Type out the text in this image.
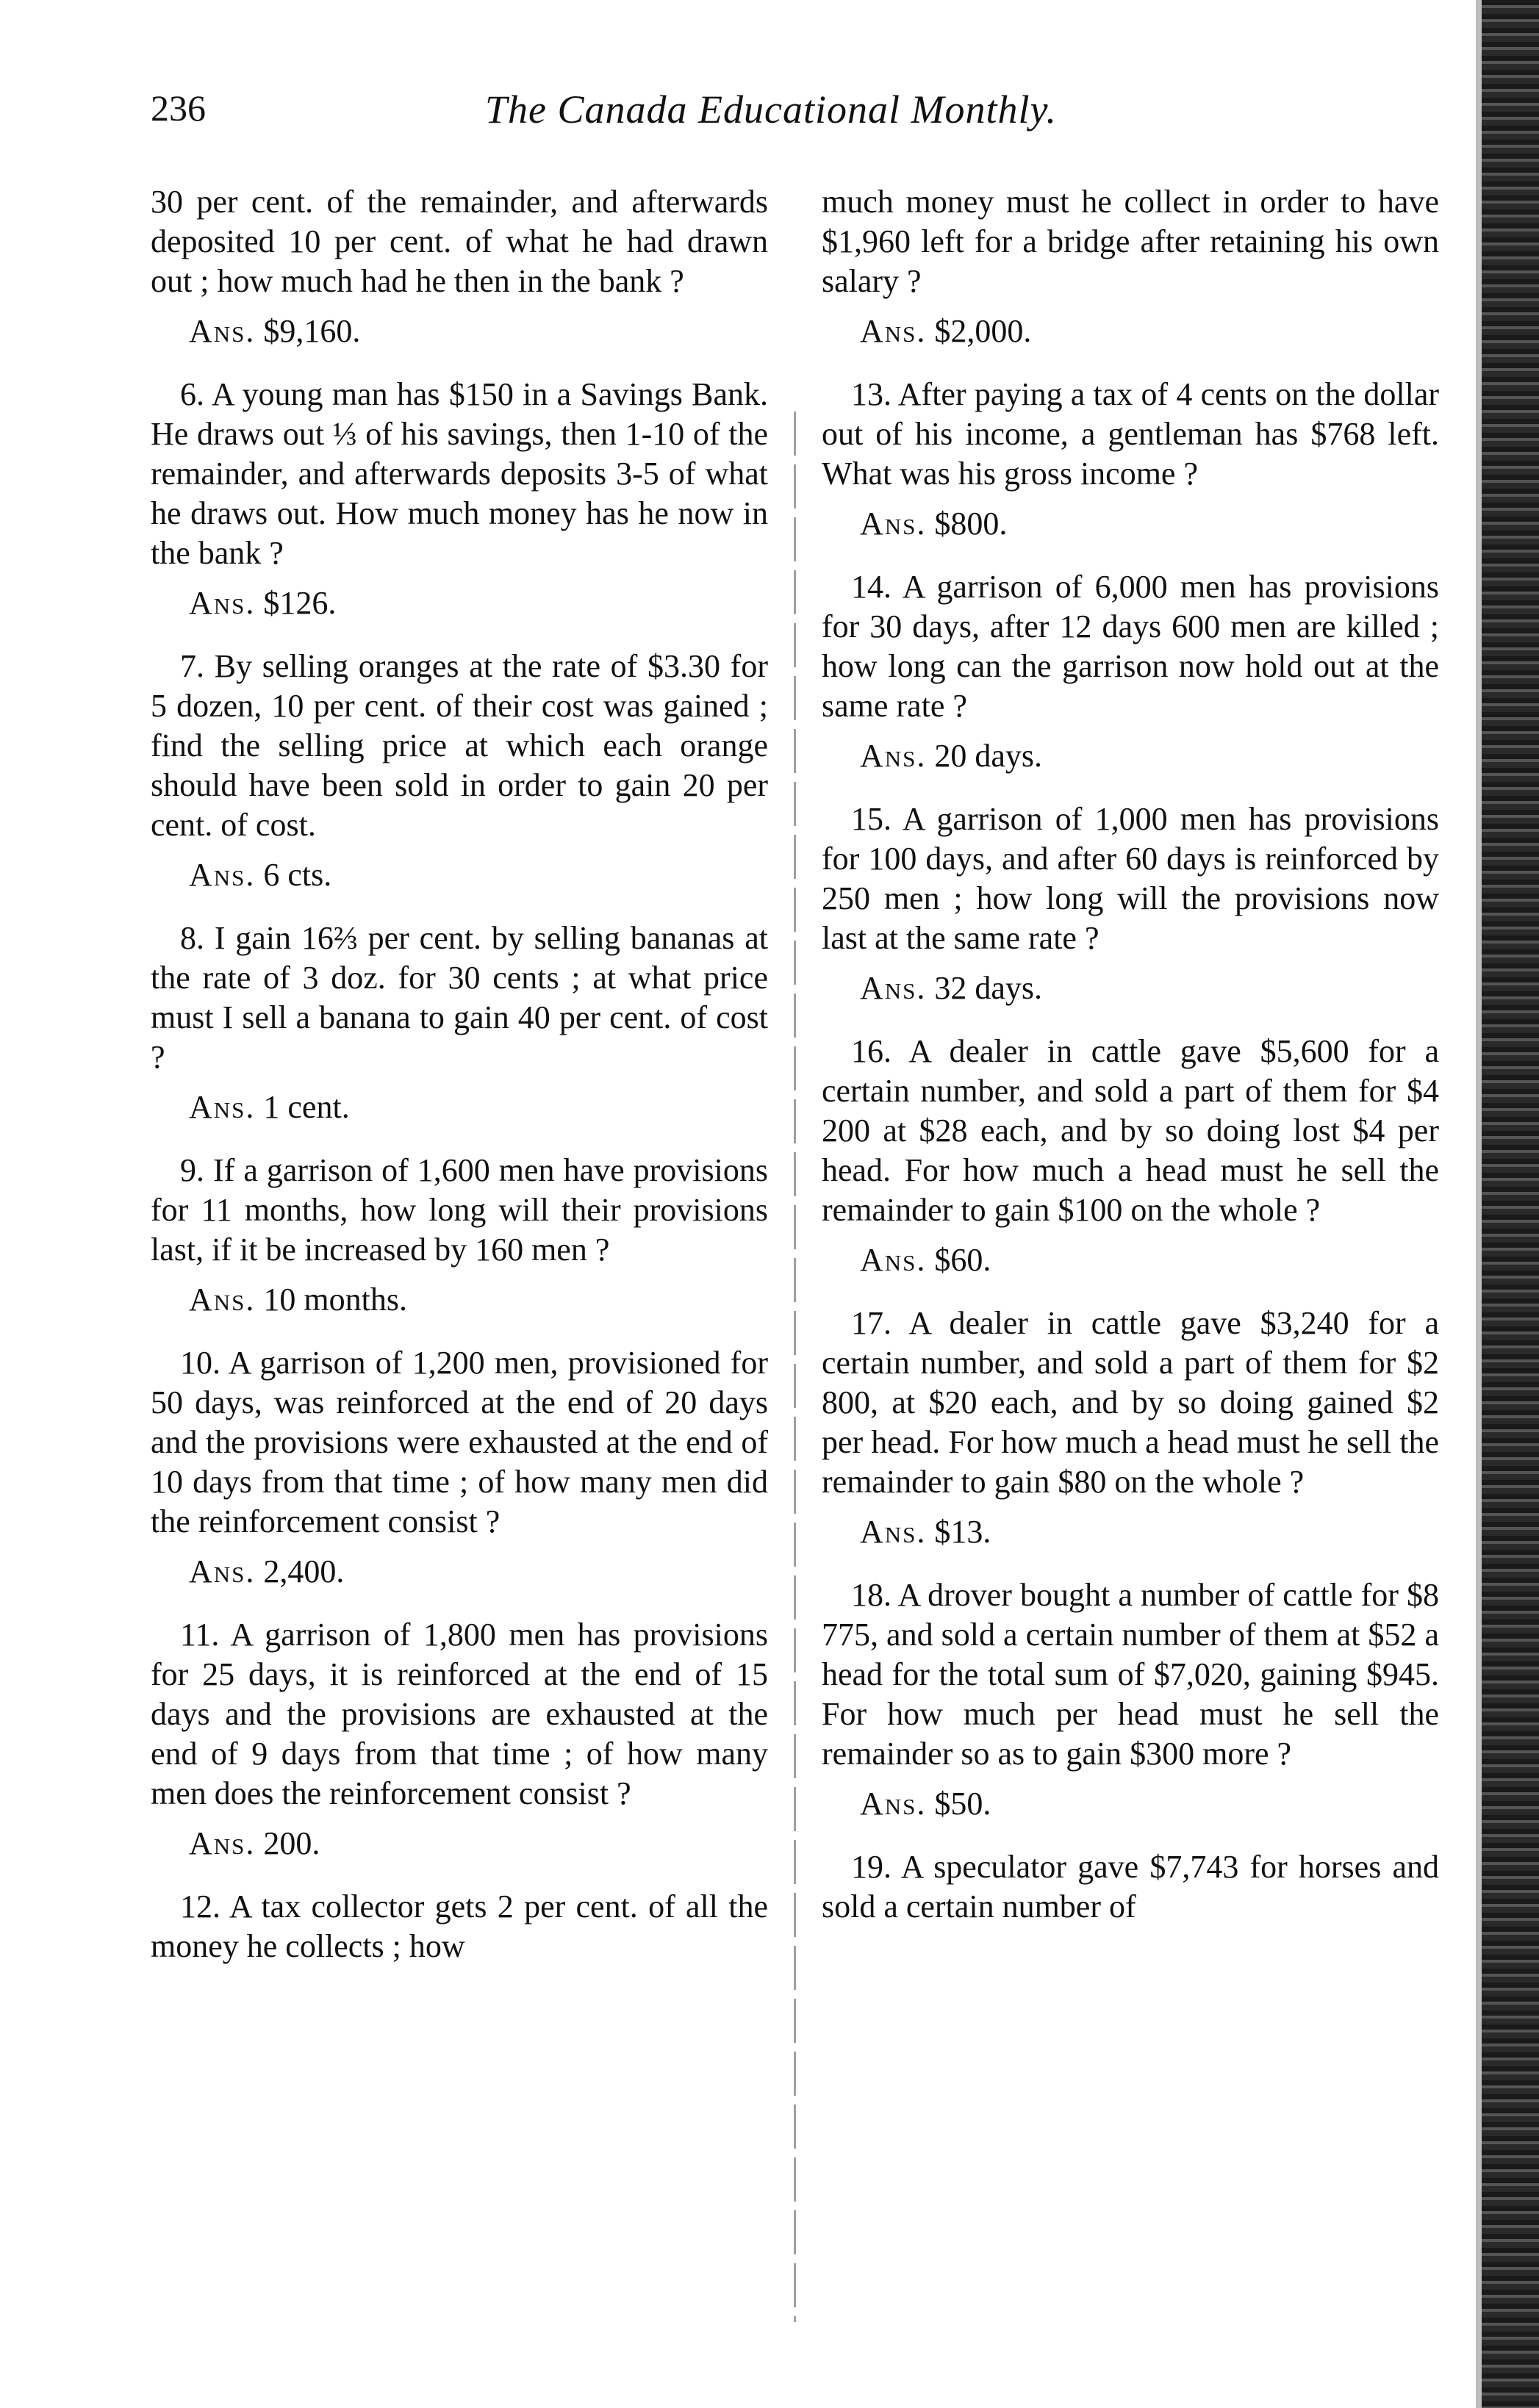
236	The Canada Educational Monthly.

30 per cent. of the remainder, and afterwards deposited 10 per cent. of what he had drawn out ; how much had he then in the bank ?

Ans. $9,160.

6. A young man has $150 in a Savings Bank. He draws out ⅓ of his savings, then 1-10 of the remainder, and afterwards deposits 3-5 of what he draws out. How much money has he now in the bank ?

Ans. $126.

7. By selling oranges at the rate of $3.30 for 5 dozen, 10 per cent. of their cost was gained ; find the selling price at which each orange should have been sold in order to gain 20 per cent. of cost.

Ans. 6 cts.

8. I gain 16⅔ per cent. by selling bananas at the rate of 3 doz. for 30 cents ; at what price must I sell a banana to gain 40 per cent. of cost ?

Ans. 1 cent.

9. If a garrison of 1,600 men have provisions for 11 months, how long will their provisions last, if it be increased by 160 men ?

Ans. 10 months.

10. A garrison of 1,200 men, provisioned for 50 days, was reinforced at the end of 20 days and the provisions were exhausted at the end of 10 days from that time ; of how many men did the reinforcement consist ?

Ans. 2,400.

11. A garrison of 1,800 men has provisions for 25 days, it is reinforced at the end of 15 days and the provisions are exhausted at the end of 9 days from that time ; of how many men does the reinforcement consist ?

Ans. 200.

12. A tax collector gets 2 per cent. of all the money he collects ; how

much money must he collect in order to have $1,960 left for a bridge after retaining his own salary ?

Ans. $2,000.

13. After paying a tax of 4 cents on the dollar out of his income, a gentleman has $768 left. What was his gross income ?

Ans. $800.

14. A garrison of 6,000 men has provisions for 30 days, after 12 days 600 men are killed ; how long can the garrison now hold out at the same rate ?

Ans. 20 days.

15. A garrison of 1,000 men has provisions for 100 days, and after 60 days is reinforced by 250 men ; how long will the provisions now last at the same rate ?

Ans. 32 days.

16. A dealer in cattle gave $5,600 for a certain number, and sold a part of them for $4 200 at $28 each, and by so doing lost $4 per head. For how much a head must he sell the remainder to gain $100 on the whole ?

Ans. $60.

17. A dealer in cattle gave $3,240 for a certain number, and sold a part of them for $2 800, at $20 each, and by so doing gained $2 per head. For how much a head must he sell the remainder to gain $80 on the whole ?

Ans. $13.

18. A drover bought a number of cattle for $8 775, and sold a certain number of them at $52 a head for the total sum of $7,020, gaining $945. For how much per head must he sell the remainder so as to gain $300 more ?

Ans. $50.

19. A speculator gave $7,743 for horses and sold a certain number of
